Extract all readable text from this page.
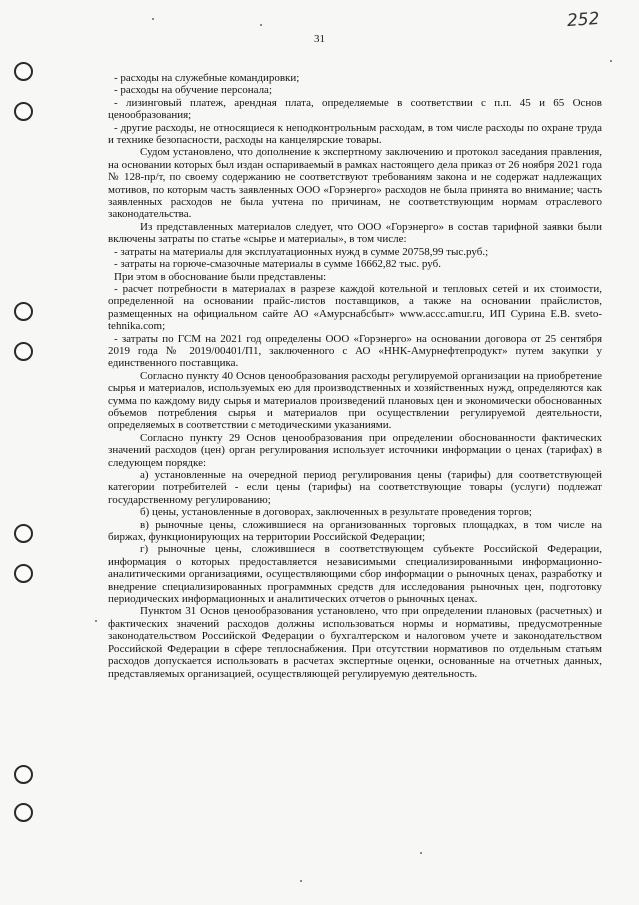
252
31

- расходы на служебные командировки;

- расходы на обучение персонала;

- лизинговый платеж, арендная плата, определяемые в соответствии с п.п. 45 и 65 Основ ценообразования;

- другие расходы, не относящиеся к неподконтрольным расходам, в том числе расходы по охране труда и технике безопасности, расходы на канцелярские товары.

Судом установлено, что дополнение к экспертному заключению и протокол заседания правления, на основании которых был издан оспариваемый в рамках настоящего дела приказ от 26 ноября 2021 года № 128-пр/т, по своему содержанию не соответствуют требованиям закона и не содержат надлежащих мотивов, по которым часть заявленных ООО «Горэнерго» расходов не была принята во внимание; часть заявленных расходов не была учтена по причинам, не соответствующим нормам отраслевого законодательства.

Из представленных материалов следует, что ООО «Горэнерго» в состав тарифной заявки были включены затраты по статье «сырье и материалы», в том числе:

- затраты на материалы для эксплуатационных нужд в сумме 20758,99 тыс.руб.;

- затраты на горюче-смазочные материалы в сумме 16662,82 тыс. руб.

При этом в обоснование были представлены:

- расчет потребности в материалах в разрезе каждой котельной и тепловых сетей и их стоимости, определенной на основании прайс-листов поставщиков, а также на основании прайслистов, размещенных на официальном сайте АО «Амурснабсбыт» www.accc.amur.ru, ИП Сурина Е.В. sveto-tehnika.com;

- затраты по ГСМ на 2021 год определены ООО «Горэнерго» на основании договора от 25 сентября 2019 года № 2019/00401/П1, заключенного с АО «ННК-Амурнефтепродукт» путем закупки у единственного поставщика.

Согласно пункту 40 Основ ценообразования расходы регулируемой организации на приобретение сырья и материалов, используемых ею для производственных и хозяйственных нужд, определяются как сумма по каждому виду сырья и материалов произведений плановых цен и экономически обоснованных объемов потребления сырья и материалов при осуществлении регулируемой деятельности, определяемых в соответствии с методическими указаниями.

Согласно пункту 29 Основ ценообразования при определении обоснованности фактических значений расходов (цен) орган регулирования использует источники информации о ценах (тарифах) в следующем порядке:

а) установленные на очередной период регулирования цены (тарифы) для соответствующей категории потребителей - если цены (тарифы) на соответствующие товары (услуги) подлежат государственному регулированию;

б) цены, установленные в договорах, заключенных в результате проведения торгов;

в) рыночные цены, сложившиеся на организованных торговых площадках, в том числе на биржах, функционирующих на территории Российской Федерации;

г) рыночные цены, сложившиеся в соответствующем субъекте Российской Федерации, информация о которых предоставляется независимыми специализированными информационно-аналитическими организациями, осуществляющими сбор информации о рыночных ценах, разработку и внедрение специализированных программных средств для исследования рыночных цен, подготовку периодических информационных и аналитических отчетов о рыночных ценах.

Пунктом 31 Основ ценообразования установлено, что при определении плановых (расчетных) и фактических значений расходов должны использоваться нормы и нормативы, предусмотренные законодательством Российской Федерации о бухгалтерском и налоговом учете и законодательством Российской Федерации в сфере теплоснабжения. При отсутствии нормативов по отдельным статьям расходов допускается использовать в расчетах экспертные оценки, основанные на отчетных данных, представляемых организацией, осуществляющей регулируемую деятельность.
